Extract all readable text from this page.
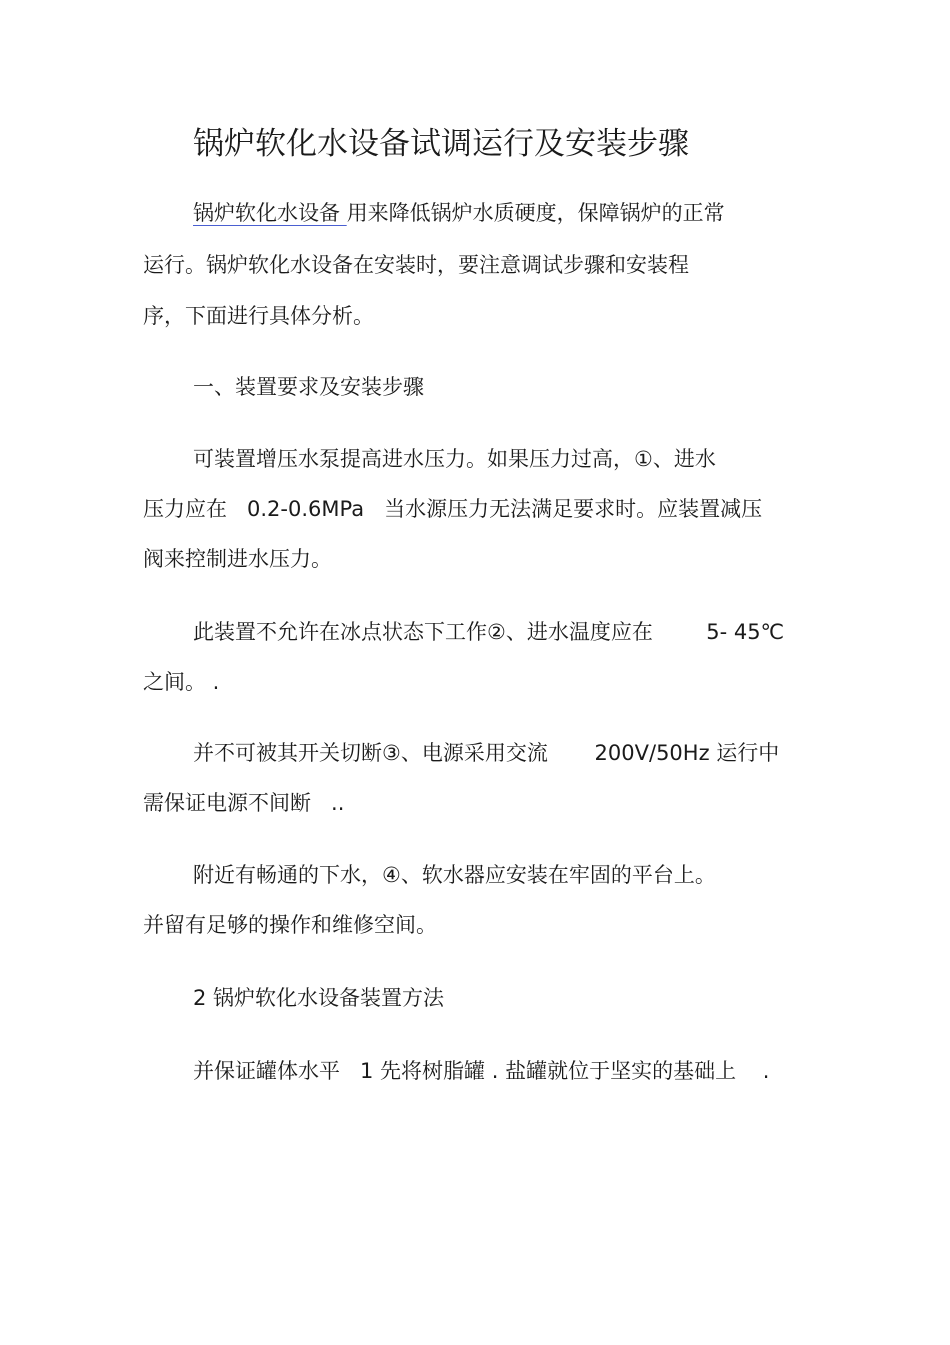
锅炉软化水设备试调运行及安装步骤

锅炉软化水设备 用来降低锅炉水质硬度，保障锅炉的正常

运行。锅炉软化水设备在安装时，要注意调试步骤和安装程

序，下面进行具体分析。

一、装置要求及安装步骤

可装置增压水泵提高进水压力。如果压力过高，①、进水

压力应在   0.2-0.6MPa   当水源压力无法满足要求时。应装置减压

阀来控制进水压力。

此装置不允许在冰点状态下工作②、进水温度应在        5- 45℃

之间。 .

并不可被其开关切断③、电源采用交流       200V/50Hz 运行中

需保证电源不间断   ..

附近有畅通的下水，④、软水器应安装在牢固的平台上。

并留有足够的操作和维修空间。

2 锅炉软化水设备装置方法

并保证罐体水平   1 先将树脂罐 . 盐罐就位于坚实的基础上    .
